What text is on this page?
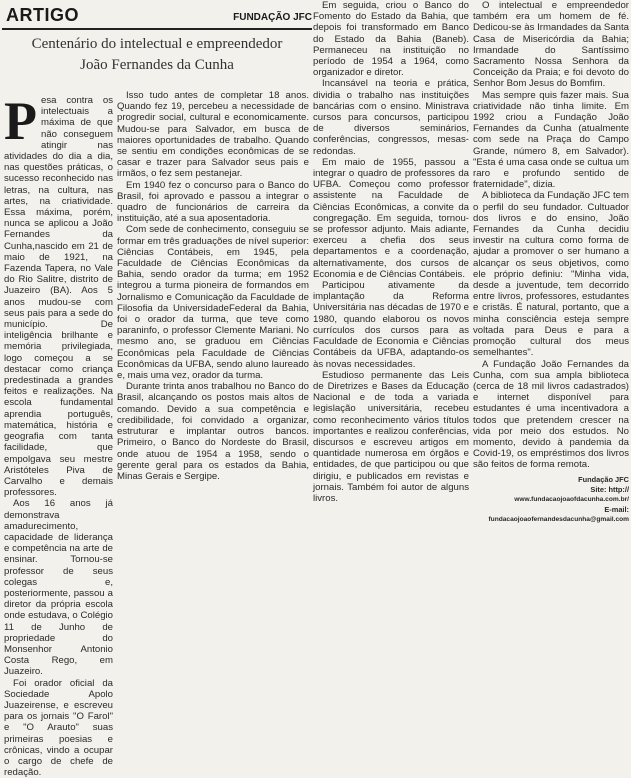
ARTIGO	FUNDAÇÃO JFC
Centenário do intelectual e empreendedor
João Fernandes da Cunha

Pesa contra os intelectuais a máxima de que não conseguem atingir nas atividades do dia a dia, nas questões práticas, o sucesso reconhecido nas letras, na cultura, nas artes, na criatividade. Essa máxima, porém, nunca se aplicou a João Fernandes da Cunha,nascido em 21 de maio de 1921, na Fazenda Tapera, no Vale do Rio Salitre, distrito de Juazeiro (BA). Aos 5 anos mudou-se com seus pais para a sede do município. De inteligência brilhante e memória privilegiada, logo começou a se destacar como criança predestinada a grandes feitos e realizações. Na escola fundamental aprendia português, matemática, história e geografia com tanta facilidade, que empolgava seu mestre Aristóteles Piva de Carvalho e demais professores.

Aos 16 anos já demonstrava amadurecimento, capacidade de liderança e competência na arte de ensinar. Tornou-se professor de seus colegas e, posteriormente, passou a diretor da própria escola onde estudava, o Colégio 11 de Junho de propriedade do Monsenhor Antonio Costa Rego, em Juazeiro.

Foi orador oficial da Sociedade Apolo Juazeirense, e escreveu para os jornais "O Farol" e "O Arauto" suas primeiras poesias e crônicas, vindo a ocupar o cargo de chefe de redação.

Isso tudo antes de completar 18 anos. Quando fez 19, percebeu a necessidade de progredir social, cultural e economicamente. Mudou-se para Salvador, em busca de maiores oportunidades de trabalho. Quando se sentiu em condições econômicas de se casar e trazer para Salvador seus pais e irmãos, o fez sem pestanejar.

Em 1940 fez o concurso para o Banco do Brasil, foi aprovado e passou a integrar o quadro de funcionários de carreira da instituição, até a sua aposentadoria.

Com sede de conhecimento, conseguiu se formar em três graduações de nível superior: Ciências Contábeis, em 1945, pela Faculdade de Ciências Econômicas da Bahia, sendo orador da turma; em 1952 integrou a turma pioneira de formandos em Jornalismo e Comunicação da Faculdade de Filosofia da UniversidadeFederal da Bahia, foi o orador da turma, que teve como paraninfo, o professor Clemente Mariani. No mesmo ano, se graduou em Ciências Econômicas pela Faculdade de Ciências Econômicas da UFBA, sendo aluno laureado e, mais uma vez, orador da turma.

Durante trinta anos trabalhou no Banco do Brasil, alcançando os postos mais altos de comando. Devido a sua competência e credibilidade, foi convidado a organizar, estruturar e implantar outros bancos. Primeiro, o Banco do Nordeste do Brasil, onde atuou de 1954 a 1958, sendo o gerente geral para os estados da Bahia, Minas Gerais e Sergipe.

Em seguida, criou o Banco do Fomento do Estado da Bahia, que depois foi transformado em Banco do Estado da Bahia (Baneb). Permaneceu na instituição no período de 1954 a 1964, como organizador e diretor.

Incansável na teoria e prática, dividia o trabalho nas instituições bancárias com o ensino. Ministrava cursos para concursos, participou de diversos seminários, conferências, congressos, mesas-redondas.

Em maio de 1955, passou a integrar o quadro de professores da UFBA. Começou como professor assistente na Faculdade de Ciências Econômicas, a convite da congregação. Em seguida, tornou-se professor adjunto. Mais adiante, exerceu a chefia dos seus departamentos e a coordenação, alternativamente, dos cursos de Economia e de Ciências Contábeis.

Participou ativamente da implantação da Reforma Universitária nas décadas de 1970 e 1980, quando elaborou os novos currículos dos cursos para as Faculdade de Economia e Ciências Contábeis da UFBA, adaptando-os às novas necessidades.

Estudioso permanente das Leis de Diretrizes e Bases da Educação Nacional e de toda a variada legislação universitária, recebeu como reconhecimento vários títulos importantes e realizou conferências, discursos e escreveu artigos em quantidade numerosa em órgãos e entidades, de que participou ou que dirigiu, e publicados em revistas e jornais. Também foi autor de alguns livros.

O intelectual e empreendedor também era um homem de fé. Dedicou-se às Irmandades da Santa Casa de Misericórdia da Bahia; Irmandade do Santíssimo Sacramento Nossa Senhora da Conceição da Praia; e foi devoto do Senhor Bom Jesus do Bomfim.

Mas sempre quis fazer mais. Sua criatividade não tinha limite. Em 1992 criou a Fundação João Fernandes da Cunha (atualmente com sede na Praça do Campo Grande, número 8, em Salvador). "Esta é uma casa onde se cultua um raro e profundo sentido de fraternidade", dizia.

A biblioteca da Fundação JFC tem o perfil do seu fundador. Cultuador dos livros e do ensino, João Fernandes da Cunha decidiu investir na cultura como forma de ajudar a promover o ser humano a alcançar os seus objetivos, como ele próprio definiu: "Minha vida, desde a juventude, tem decorrido entre livros, professores, estudantes e cristãs. É natural, portanto, que a minha consciência esteja sempre voltada para Deus e para a promoção cultural dos meus semelhantes".

A Fundação João Fernandes da Cunha, com sua ampla biblioteca (cerca de 18 mil livros cadastrados) e internet disponível para estudantes é uma incentivadora a todos que pretendem crescer na vida por meio dos estudos. No momento, devido à pandemia da Covid-19, os empréstimos dos livros são feitos de forma remota.

Fundação JFC
Site: http://
www.fundacaojoaofdacunha.com.br/
E-mail:
fundacaojoaofernandesdacunha@gmail.com
